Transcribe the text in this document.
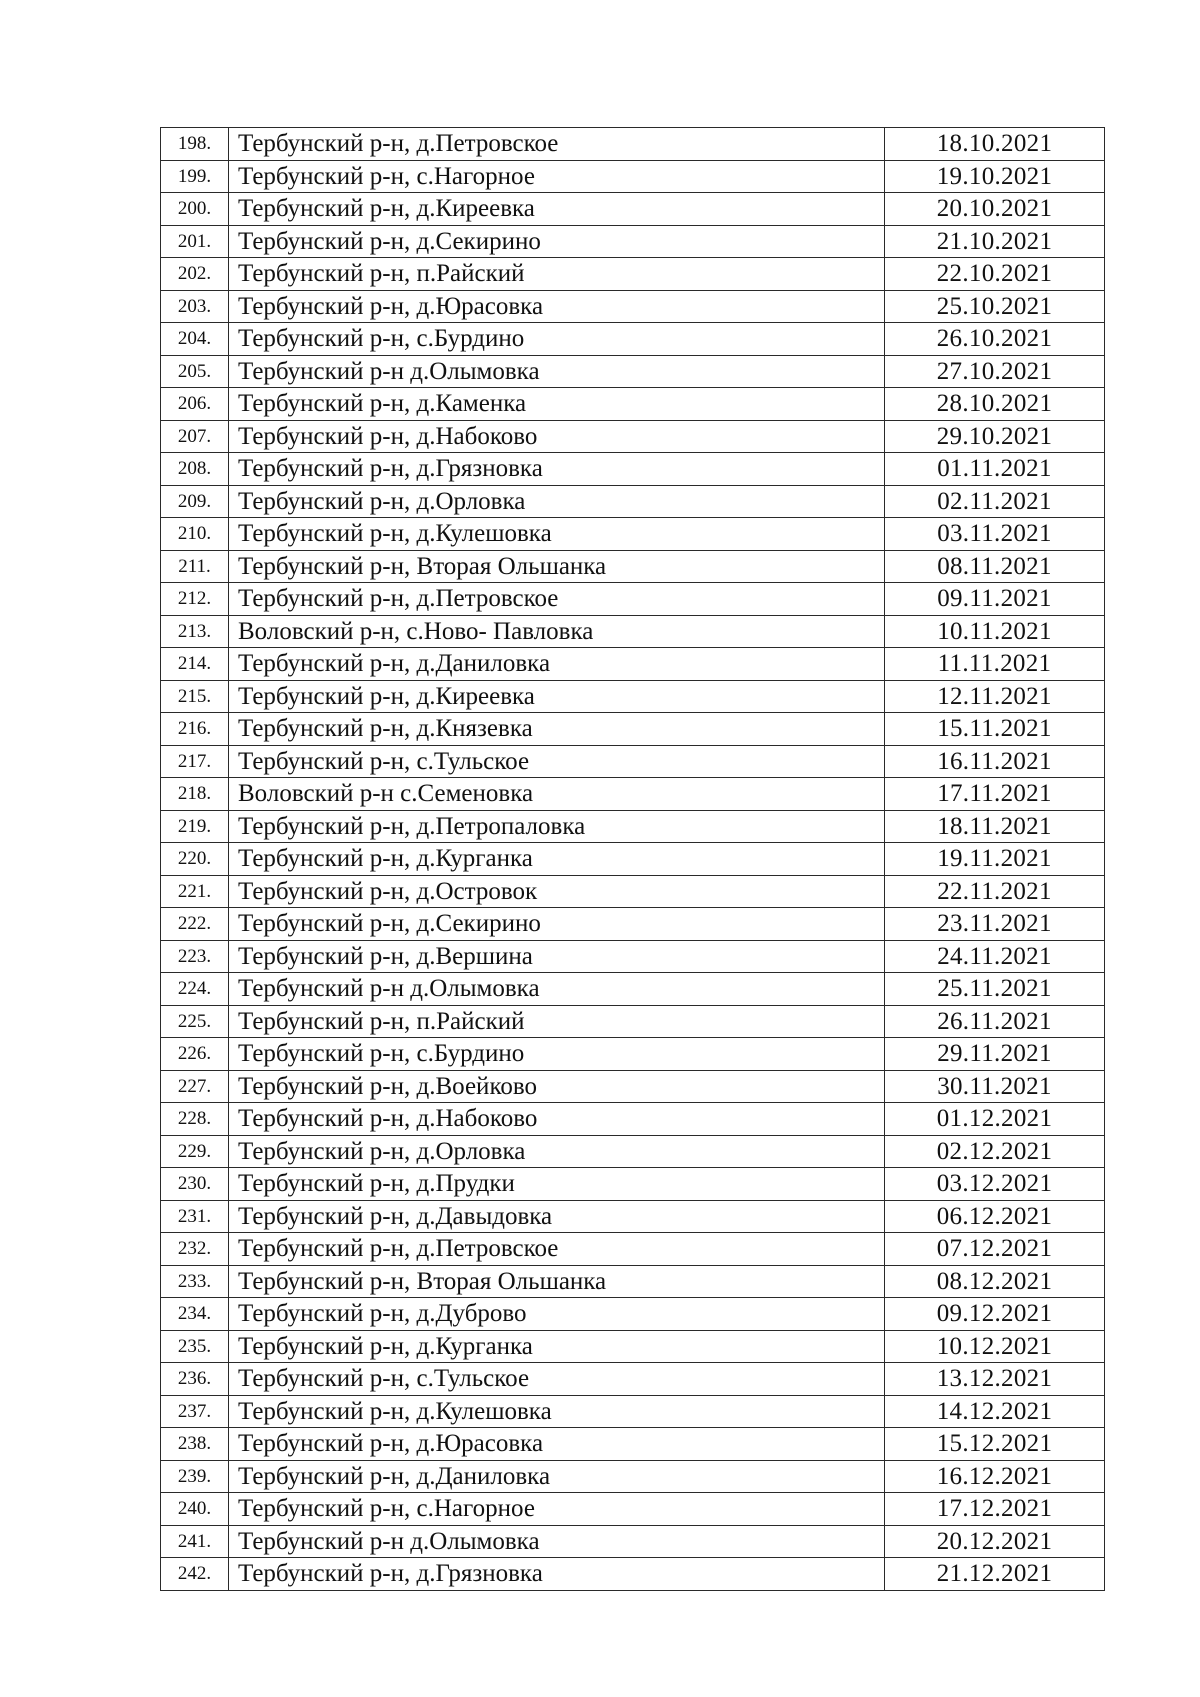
198.	Тербунский р-н, д.Петровское	18.10.2021
199.	Тербунский р-н, с.Нагорное	19.10.2021
200.	Тербунский р-н, д.Киреевка	20.10.2021
201.	Тербунский р-н, д.Секирино	21.10.2021
202.	Тербунский р-н, п.Райский	22.10.2021
203.	Тербунский р-н, д.Юрасовка	25.10.2021
204.	Тербунский р-н, с.Бурдино	26.10.2021
205.	Тербунский р-н д.Олымовка	27.10.2021
206.	Тербунский р-н, д.Каменка	28.10.2021
207.	Тербунский р-н, д.Набоково	29.10.2021
208.	Тербунский р-н, д.Грязновка	01.11.2021
209.	Тербунский р-н, д.Орловка	02.11.2021
210.	Тербунский р-н, д.Кулешовка	03.11.2021
211.	Тербунский р-н, Вторая Ольшанка	08.11.2021
212.	Тербунский р-н, д.Петровское	09.11.2021
213.	Воловский р-н, с.Ново- Павловка	10.11.2021
214.	Тербунский р-н, д.Даниловка	11.11.2021
215.	Тербунский р-н, д.Киреевка	12.11.2021
216.	Тербунский р-н, д.Князевка	15.11.2021
217.	Тербунский р-н, с.Тульское	16.11.2021
218.	Воловский р-н с.Семеновка	17.11.2021
219.	Тербунский р-н, д.Петропаловка	18.11.2021
220.	Тербунский р-н, д.Курганка	19.11.2021
221.	Тербунский р-н, д.Островок	22.11.2021
222.	Тербунский р-н, д.Секирино	23.11.2021
223.	Тербунский р-н, д.Вершина	24.11.2021
224.	Тербунский р-н д.Олымовка	25.11.2021
225.	Тербунский р-н, п.Райский	26.11.2021
226.	Тербунский р-н, с.Бурдино	29.11.2021
227.	Тербунский р-н, д.Воейково	30.11.2021
228.	Тербунский р-н, д.Набоково	01.12.2021
229.	Тербунский р-н, д.Орловка	02.12.2021
230.	Тербунский р-н, д.Прудки	03.12.2021
231.	Тербунский р-н, д.Давыдовка	06.12.2021
232.	Тербунский р-н, д.Петровское	07.12.2021
233.	Тербунский р-н, Вторая Ольшанка	08.12.2021
234.	Тербунский р-н, д.Дуброво	09.12.2021
235.	Тербунский р-н, д.Курганка	10.12.2021
236.	Тербунский р-н, с.Тульское	13.12.2021
237.	Тербунский р-н, д.Кулешовка	14.12.2021
238.	Тербунский р-н, д.Юрасовка	15.12.2021
239.	Тербунский р-н, д.Даниловка	16.12.2021
240.	Тербунский р-н, с.Нагорное	17.12.2021
241.	Тербунский р-н д.Олымовка	20.12.2021
242.	Тербунский р-н, д.Грязновка	21.12.2021
